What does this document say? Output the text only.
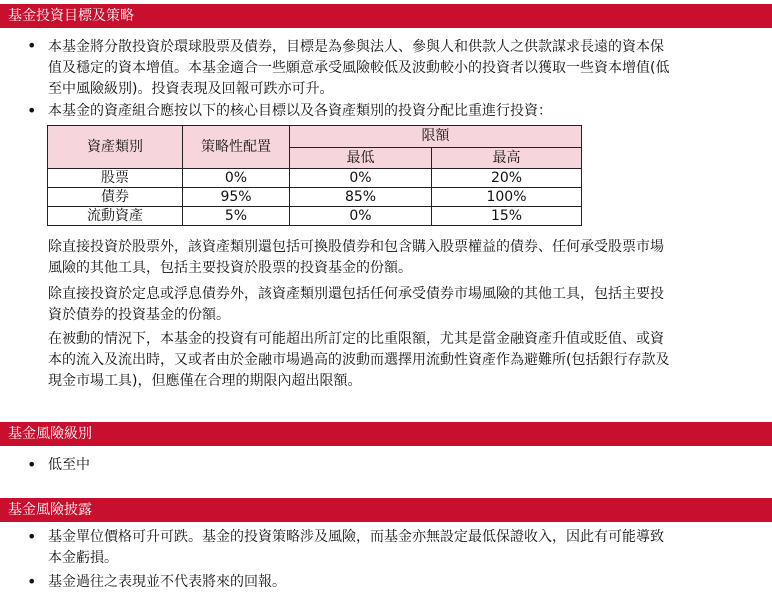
基金投資目標及策略
• 本基金將分散投資於環球股票及債券，目標是為參與法人、參與人和供款人之供款謀求長遠的資本保
值及穩定的資本增值。本基金適合一些願意承受風險較低及波動較小的投資者以獲取一些資本增值(低
至中風險級別)。投資表現及回報可跌亦可升。
• 本基金的資產組合應按以下的核心目標以及各資產類別的投資分配比重進行投資：
資產類別	策略性配置	限額	
		最低	最高
股票	0%	0%	20%
債券	95%	85%	100%
流動資產	5%	0%	15%
除直接投資於股票外，該資產類別還包括可換股債券和包含購入股票權益的債券、任何承受股票市場
風險的其他工具，包括主要投資於股票的投資基金的份額。
除直接投資於定息或浮息債券外，該資產類別還包括任何承受債券市場風險的其他工具，包括主要投
資於債券的投資基金的份額。
在被動的情況下，本基金的投資有可能超出所訂定的比重限額，尤其是當金融資產升值或貶值、或資
本的流入及流出時，又或者由於金融市場過高的波動而選擇用流動性資產作為避難所(包括銀行存款及
現金市場工具)，但應僅在合理的期限內超出限額。
基金風險級別
• 低至中
基金風險披露
• 基金單位價格可升可跌。基金的投資策略涉及風險，而基金亦無設定最低保證收入，因此有可能導致
本金虧損。
• 基金過往之表現並不代表將來的回報。
